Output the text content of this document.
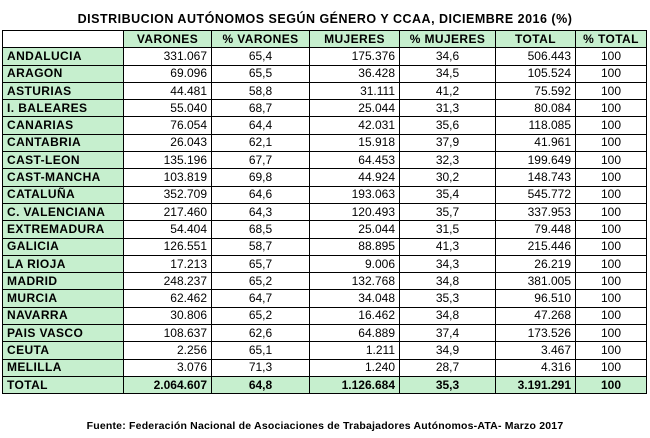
DISTRIBUCION AUTÓNOMOS SEGÚN GÉNERO Y CCAA, DICIEMBRE 2016 (%)
	VARONES	% VARONES	MUJERES	% MUJERES	TOTAL	% TOTAL
ANDALUCIA	331.067	65,4	175.376	34,6	506.443	100
ARAGON	69.096	65,5	36.428	34,5	105.524	100
ASTURIAS	44.481	58,8	31.111	41,2	75.592	100
I. BALEARES	55.040	68,7	25.044	31,3	80.084	100
CANARIAS	76.054	64,4	42.031	35,6	118.085	100
CANTABRIA	26.043	62,1	15.918	37,9	41.961	100
CAST-LEON	135.196	67,7	64.453	32,3	199.649	100
CAST-MANCHA	103.819	69,8	44.924	30,2	148.743	100
CATALUÑA	352.709	64,6	193.063	35,4	545.772	100
C. VALENCIANA	217.460	64,3	120.493	35,7	337.953	100
EXTREMADURA	54.404	68,5	25.044	31,5	79.448	100
GALICIA	126.551	58,7	88.895	41,3	215.446	100
LA RIOJA	17.213	65,7	9.006	34,3	26.219	100
MADRID	248.237	65,2	132.768	34,8	381.005	100
MURCIA	62.462	64,7	34.048	35,3	96.510	100
NAVARRA	30.806	65,2	16.462	34,8	47.268	100
PAIS VASCO	108.637	62,6	64.889	37,4	173.526	100
CEUTA	2.256	65,1	1.211	34,9	3.467	100
MELILLA	3.076	71,3	1.240	28,7	4.316	100
TOTAL	2.064.607	64,8	1.126.684	35,3	3.191.291	100
Fuente: Federación Nacional de Asociaciones de Trabajadores Autónomos-ATA- Marzo 2017
